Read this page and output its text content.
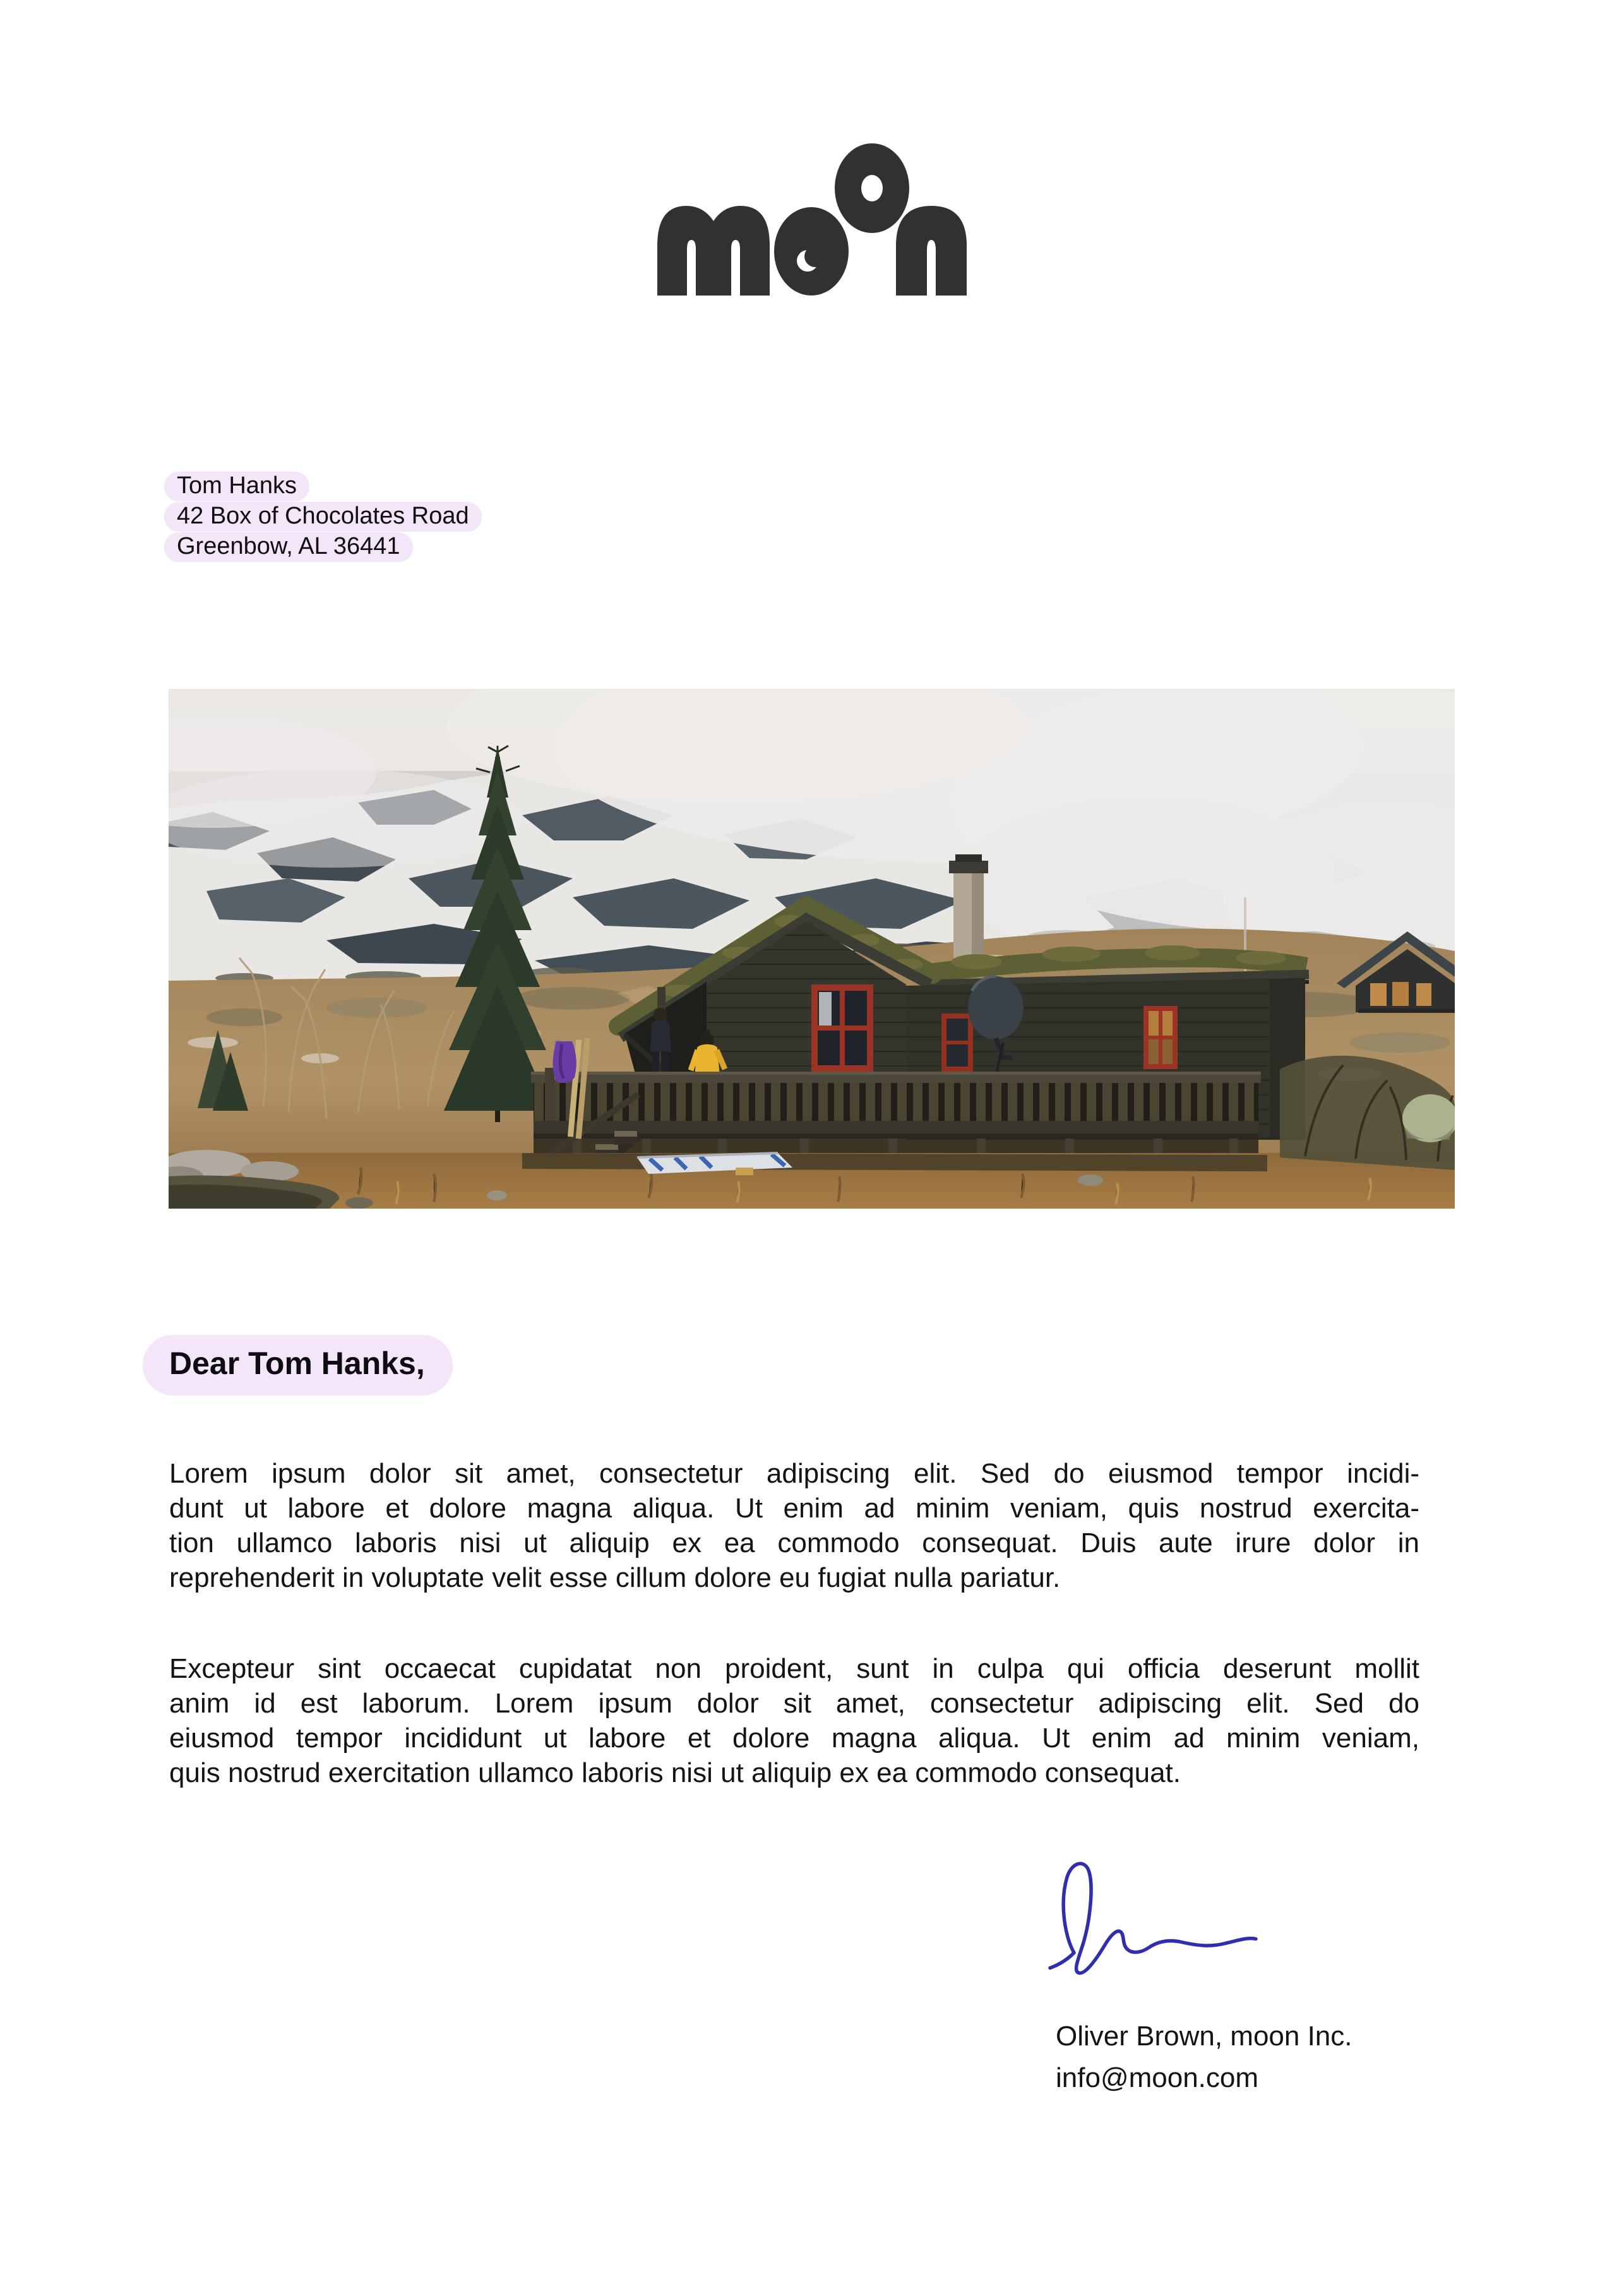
Tom Hanks
42 Box of Chocolates Road
Greenbow, AL 36441
Dear Tom Hanks,
Lorem ipsum dolor sit amet, consectetur adipiscing elit. Sed do eiusmod tempor incidi-
dunt ut labore et dolore magna aliqua. Ut enim ad minim veniam, quis nostrud exercita-
tion ullamco laboris nisi ut aliquip ex ea commodo consequat. Duis aute irure dolor in
reprehenderit in voluptate velit esse cillum dolore eu fugiat nulla pariatur.
Excepteur sint occaecat cupidatat non proident, sunt in culpa qui officia deserunt mollit
anim id est laborum. Lorem ipsum dolor sit amet, consectetur adipiscing elit. Sed do
eiusmod tempor incididunt ut labore et dolore magna aliqua. Ut enim ad minim veniam,
quis nostrud exercitation ullamco laboris nisi ut aliquip ex ea commodo consequat.
Oliver Brown, moon Inc.
info@moon.com
